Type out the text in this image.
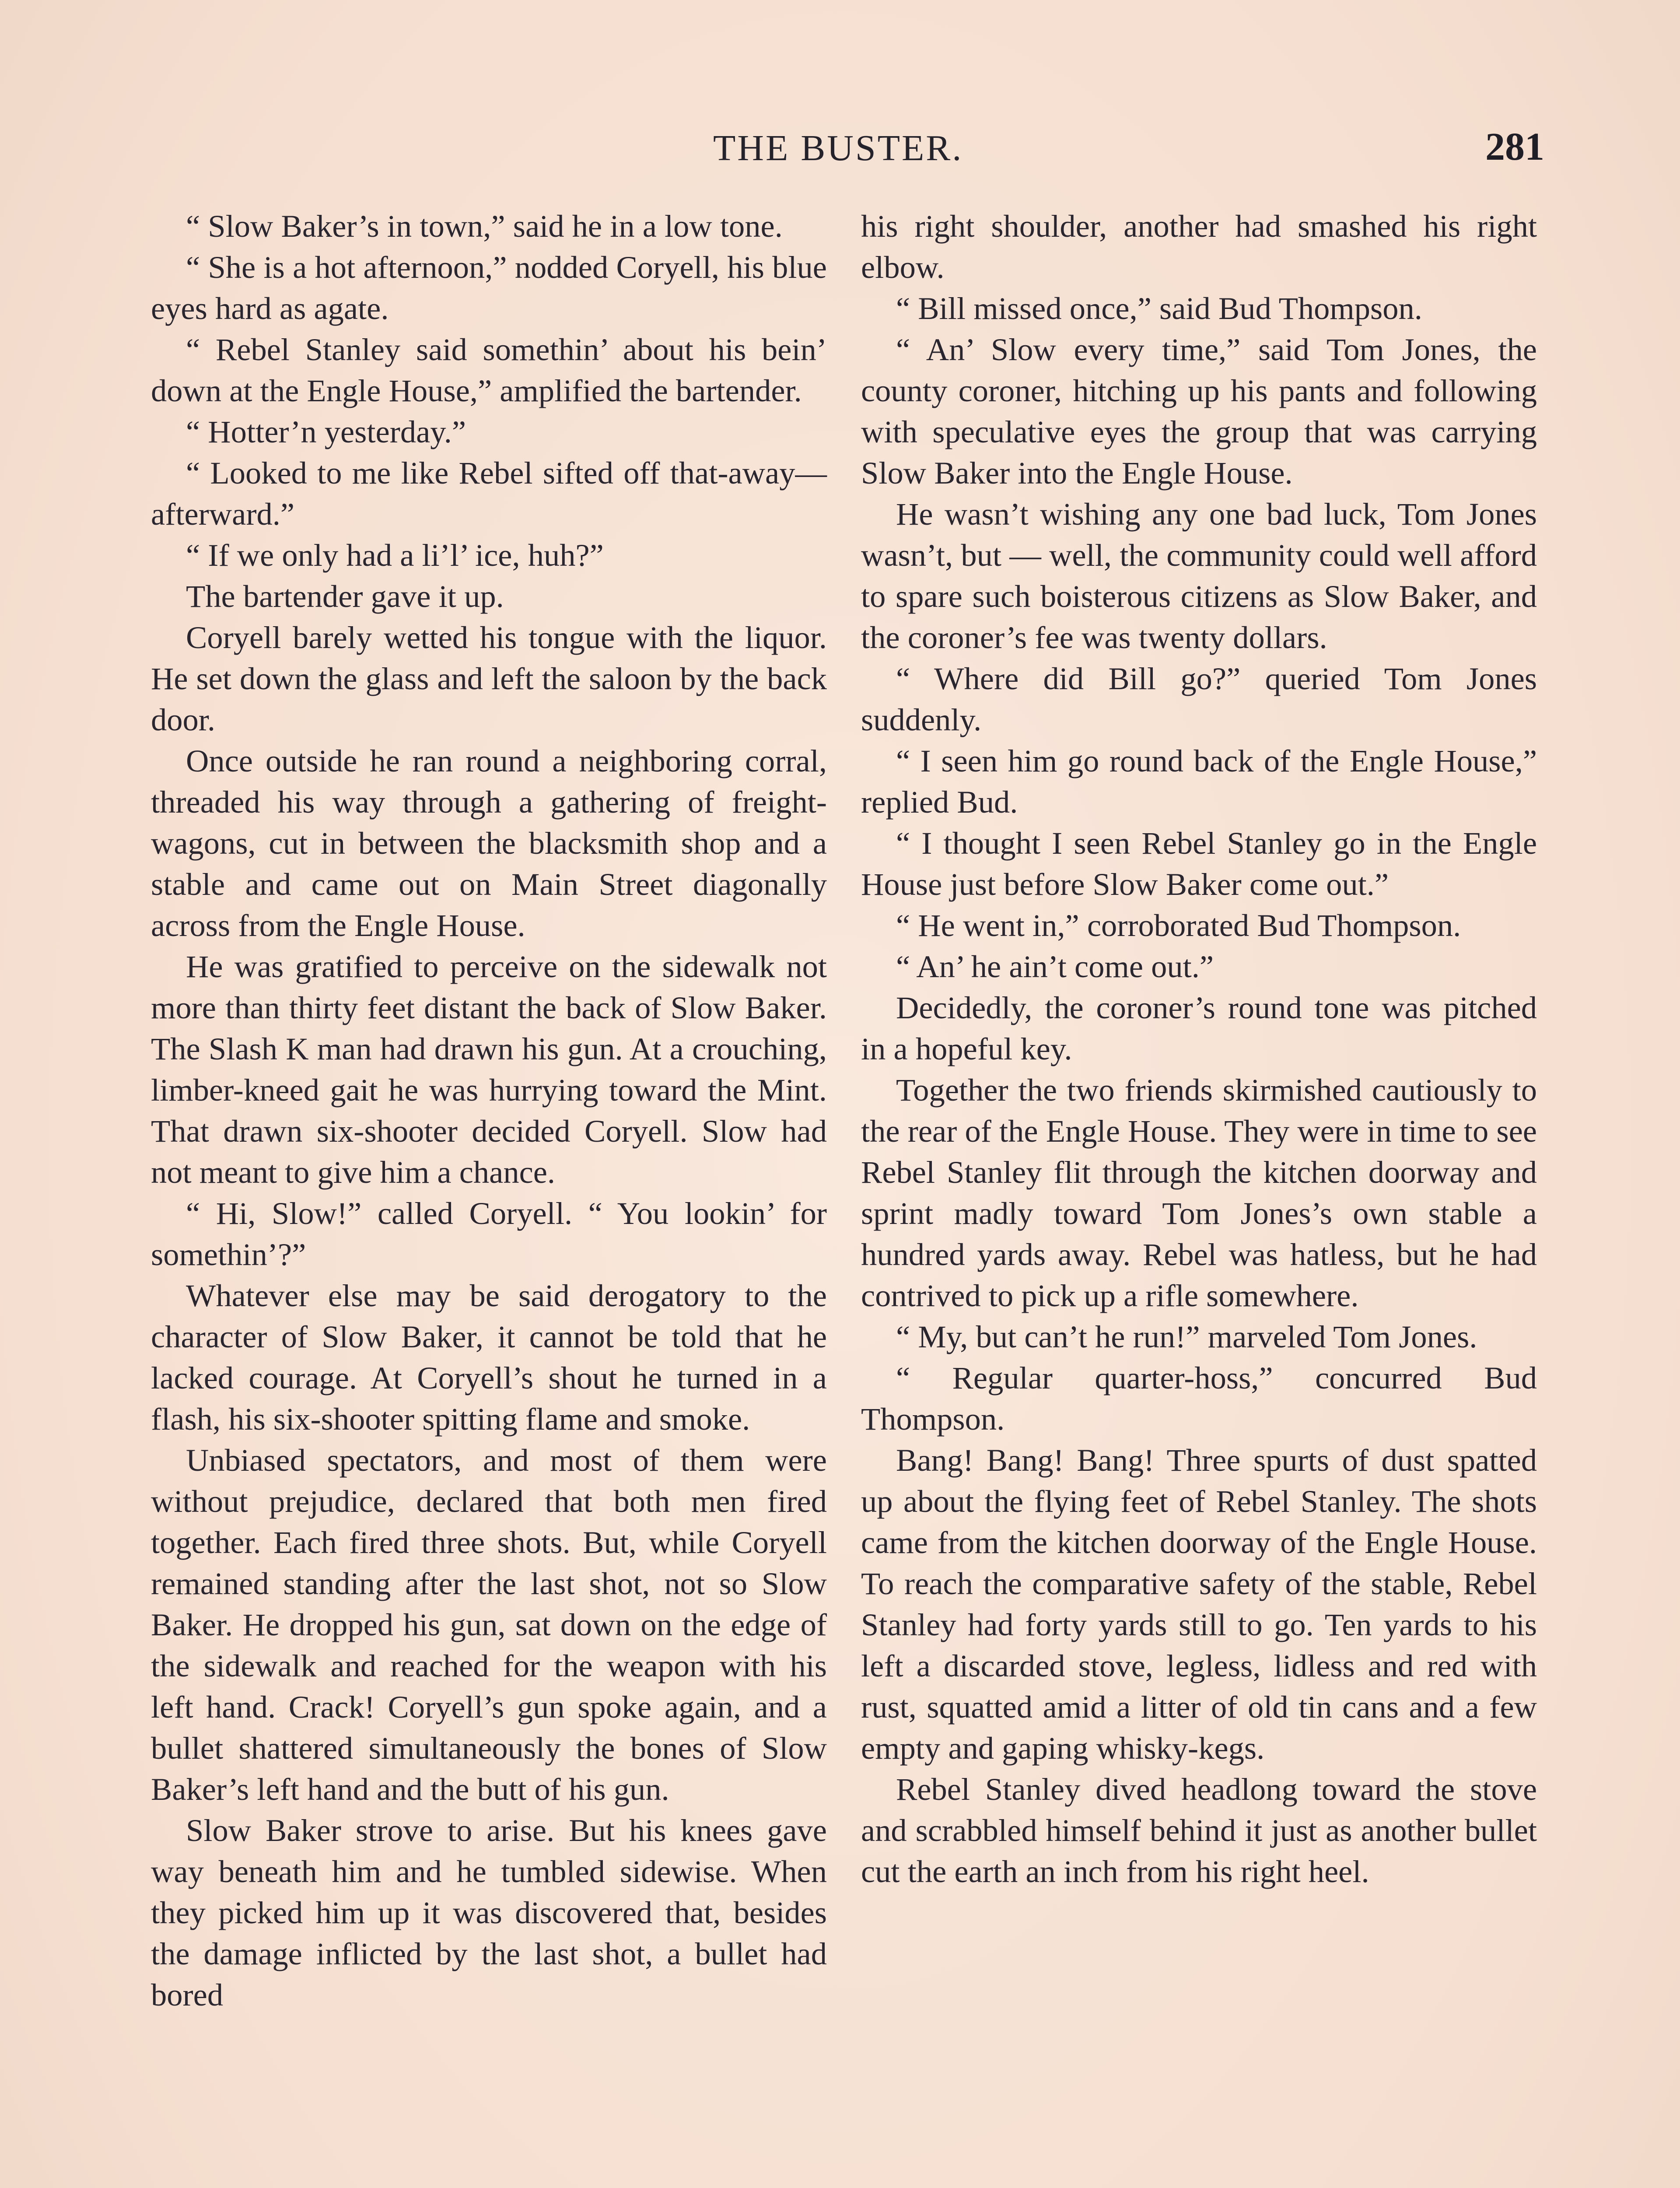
THE BUSTER.	281

“ Slow Baker’s in town,” said he in a low tone.

“ She is a hot afternoon,” nodded Coryell, his blue eyes hard as agate.

“ Rebel Stanley said somethin’ about his bein’ down at the Engle House,” amplified the bartender.

“ Hotter’n yesterday.”

“ Looked to me like Rebel sifted off that-away—afterward.”

“ If we only had a li’l’ ice, huh?”

The bartender gave it up.

Coryell barely wetted his tongue with the liquor. He set down the glass and left the saloon by the back door.

Once outside he ran round a neighboring corral, threaded his way through a gathering of freight-wagons, cut in between the blacksmith shop and a stable and came out on Main Street diagonally across from the Engle House.

He was gratified to perceive on the sidewalk not more than thirty feet distant the back of Slow Baker. The Slash K man had drawn his gun. At a crouching, limber-kneed gait he was hurrying toward the Mint. That drawn six-shooter decided Coryell. Slow had not meant to give him a chance.

“ Hi, Slow!” called Coryell. “ You lookin’ for somethin’?”

Whatever else may be said derogatory to the character of Slow Baker, it cannot be told that he lacked courage. At Coryell’s shout he turned in a flash, his six-shooter spitting flame and smoke.

Unbiased spectators, and most of them were without prejudice, declared that both men fired together. Each fired three shots. But, while Coryell remained standing after the last shot, not so Slow Baker. He dropped his gun, sat down on the edge of the sidewalk and reached for the weapon with his left hand. Crack! Coryell’s gun spoke again, and a bullet shattered simultaneously the bones of Slow Baker’s left hand and the butt of his gun.

Slow Baker strove to arise. But his knees gave way beneath him and he tumbled sidewise. When they picked him up it was discovered that, besides the damage inflicted by the last shot, a bullet had bored

his right shoulder, another had smashed his right elbow.

“ Bill missed once,” said Bud Thompson.

“ An’ Slow every time,” said Tom Jones, the county coroner, hitching up his pants and following with speculative eyes the group that was carrying Slow Baker into the Engle House.

He wasn’t wishing any one bad luck, Tom Jones wasn’t, but — well, the community could well afford to spare such boisterous citizens as Slow Baker, and the coroner’s fee was twenty dollars.

“ Where did Bill go?” queried Tom Jones suddenly.

“ I seen him go round back of the Engle House,” replied Bud.

“ I thought I seen Rebel Stanley go in the Engle House just before Slow Baker come out.”

“ He went in,” corroborated Bud Thompson.

“ An’ he ain’t come out.”

Decidedly, the coroner’s round tone was pitched in a hopeful key.

Together the two friends skirmished cautiously to the rear of the Engle House. They were in time to see Rebel Stanley flit through the kitchen doorway and sprint madly toward Tom Jones’s own stable a hundred yards away. Rebel was hatless, but he had contrived to pick up a rifle somewhere.

“ My, but can’t he run!” marveled Tom Jones.

“ Regular quarter-hoss,” concurred Bud Thompson.

Bang! Bang! Bang! Three spurts of dust spatted up about the flying feet of Rebel Stanley. The shots came from the kitchen doorway of the Engle House. To reach the comparative safety of the stable, Rebel Stanley had forty yards still to go. Ten yards to his left a discarded stove, legless, lidless and red with rust, squatted amid a litter of old tin cans and a few empty and gaping whisky-kegs.

Rebel Stanley dived headlong toward the stove and scrabbled himself behind it just as another bullet cut the earth an inch from his right heel.
